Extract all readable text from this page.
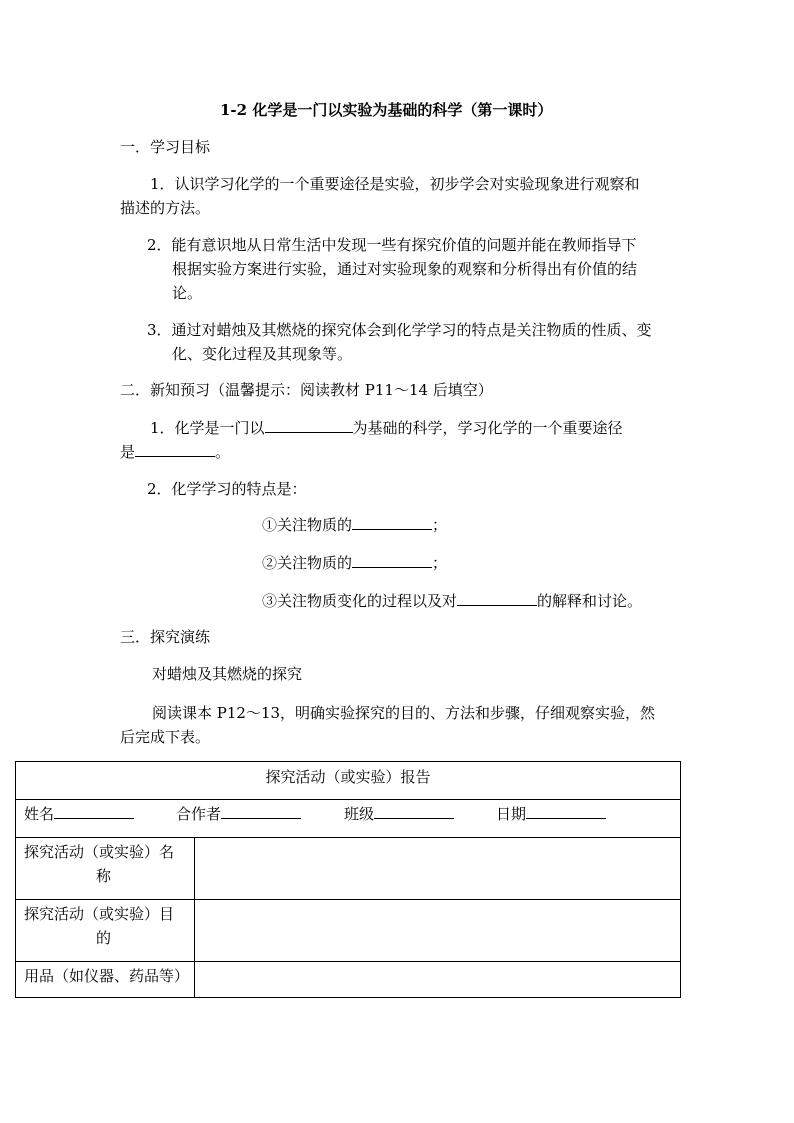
1-2 化学是一门以实验为基础的科学（第一课时）
一．学习目标
1．认识学习化学的一个重要途径是实验，初步学会对实验现象进行观察和
描述的方法。
2．能有意识地从日常生活中发现一些有探究价值的问题并能在教师指导下
根据实验方案进行实验，通过对实验现象的观察和分析得出有价值的结
论。
3．通过对蜡烛及其燃烧的探究体会到化学学习的特点是关注物质的性质、变
化、变化过程及其现象等。
二．新知预习（温馨提示：阅读教材 P11～14 后填空）
1．化学是一门以	为基础的科学，学习化学的一个重要途径
是	。
2．化学学习的特点是：
①关注物质的	；
②关注物质的	；
③关注物质变化的过程以及对	的解释和讨论。
三．探究演练
对蜡烛及其燃烧的探究
阅读课本 P12～13，明确实验探究的目的、方法和步骤，仔细观察实验，然
后完成下表。
探究活动（或实验）报告
姓名	合作者	班级	日期
探究活动（或实验）名
称
探究活动（或实验）目
的
用品（如仪器、药品等）
